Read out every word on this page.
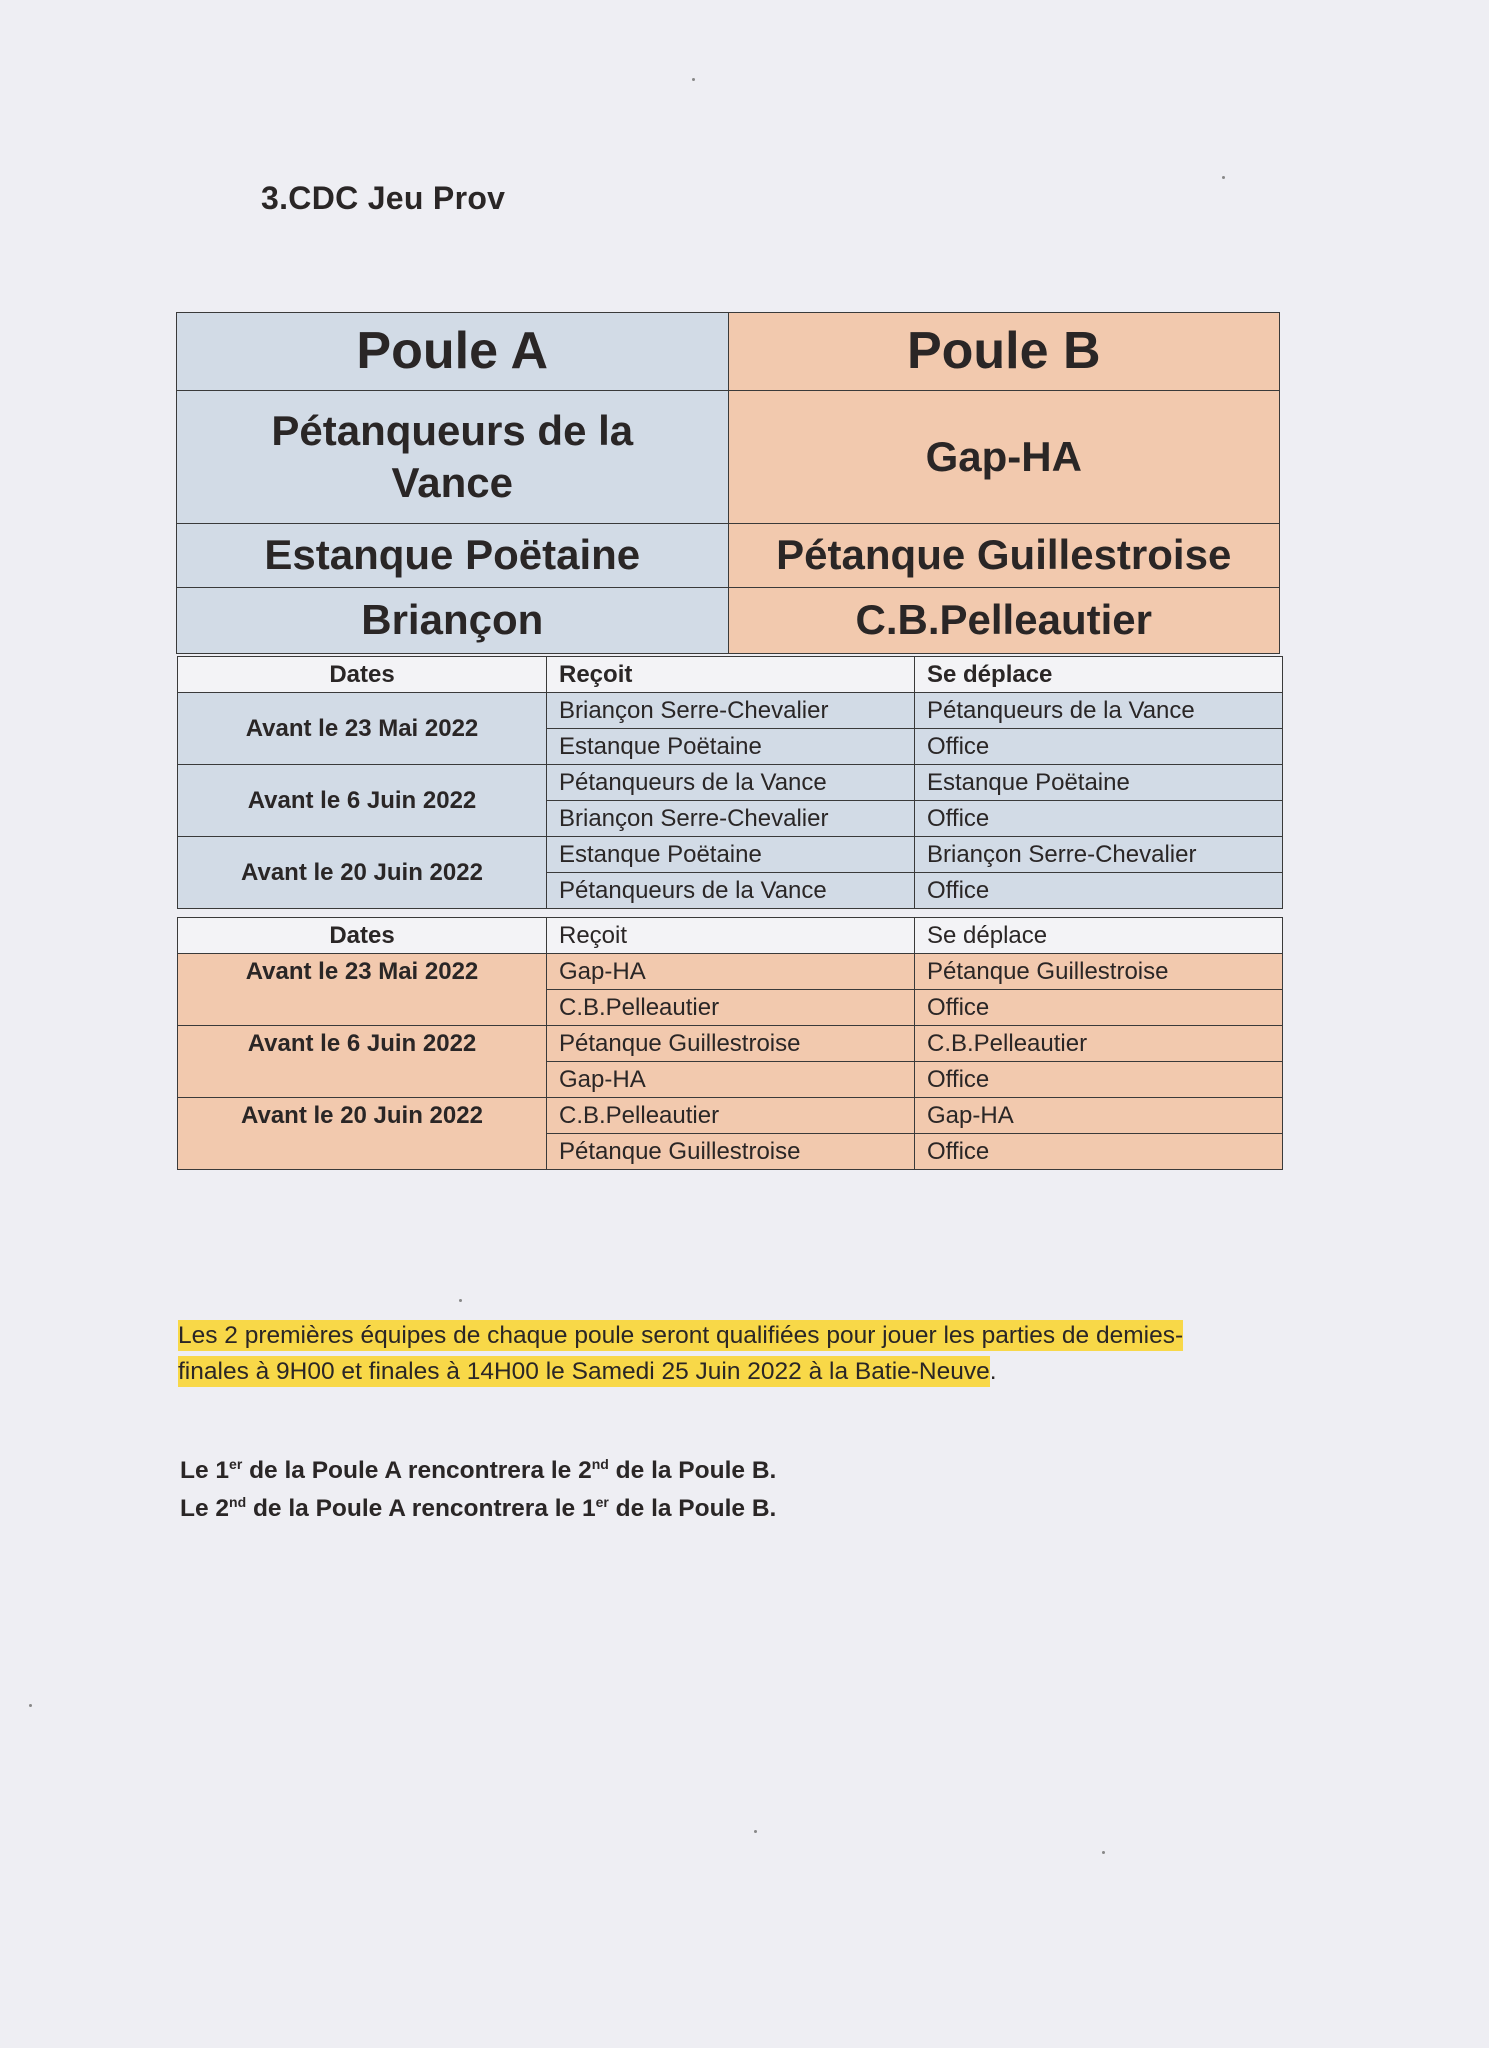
3.CDC Jeu Prov
Poule A	Poule B
Pétanqueurs de la Vance	Gap-HA
Estanque Poëtaine	Pétanque Guillestroise
Briançon	C.B.Pelleautier
Dates	Reçoit	Se déplace
Avant le 23 Mai 2022	Briançon Serre-Chevalier	Pétanqueurs de la Vance
	Estanque Poëtaine	Office
Avant le 6 Juin 2022	Pétanqueurs de la Vance	Estanque Poëtaine
	Briançon Serre-Chevalier	Office
Avant le 20 Juin 2022	Estanque Poëtaine	Briançon Serre-Chevalier
	Pétanqueurs de la Vance	Office
Dates	Reçoit	Se déplace
Avant le 23 Mai 2022	Gap-HA	Pétanque Guillestroise
	C.B.Pelleautier	Office
Avant le 6 Juin 2022	Pétanque Guillestroise	C.B.Pelleautier
	Gap-HA	Office
Avant le 20 Juin 2022	C.B.Pelleautier	Gap-HA
	Pétanque Guillestroise	Office
Les 2 premières équipes de chaque poule seront qualifiées pour jouer les parties de demies-
finales à 9H00 et finales à 14H00 le Samedi 25 Juin 2022 à la Batie-Neuve.
Le 1er de la Poule A rencontrera le 2nd de la Poule B.
Le 2nd de la Poule A rencontrera le 1er de la Poule B.
